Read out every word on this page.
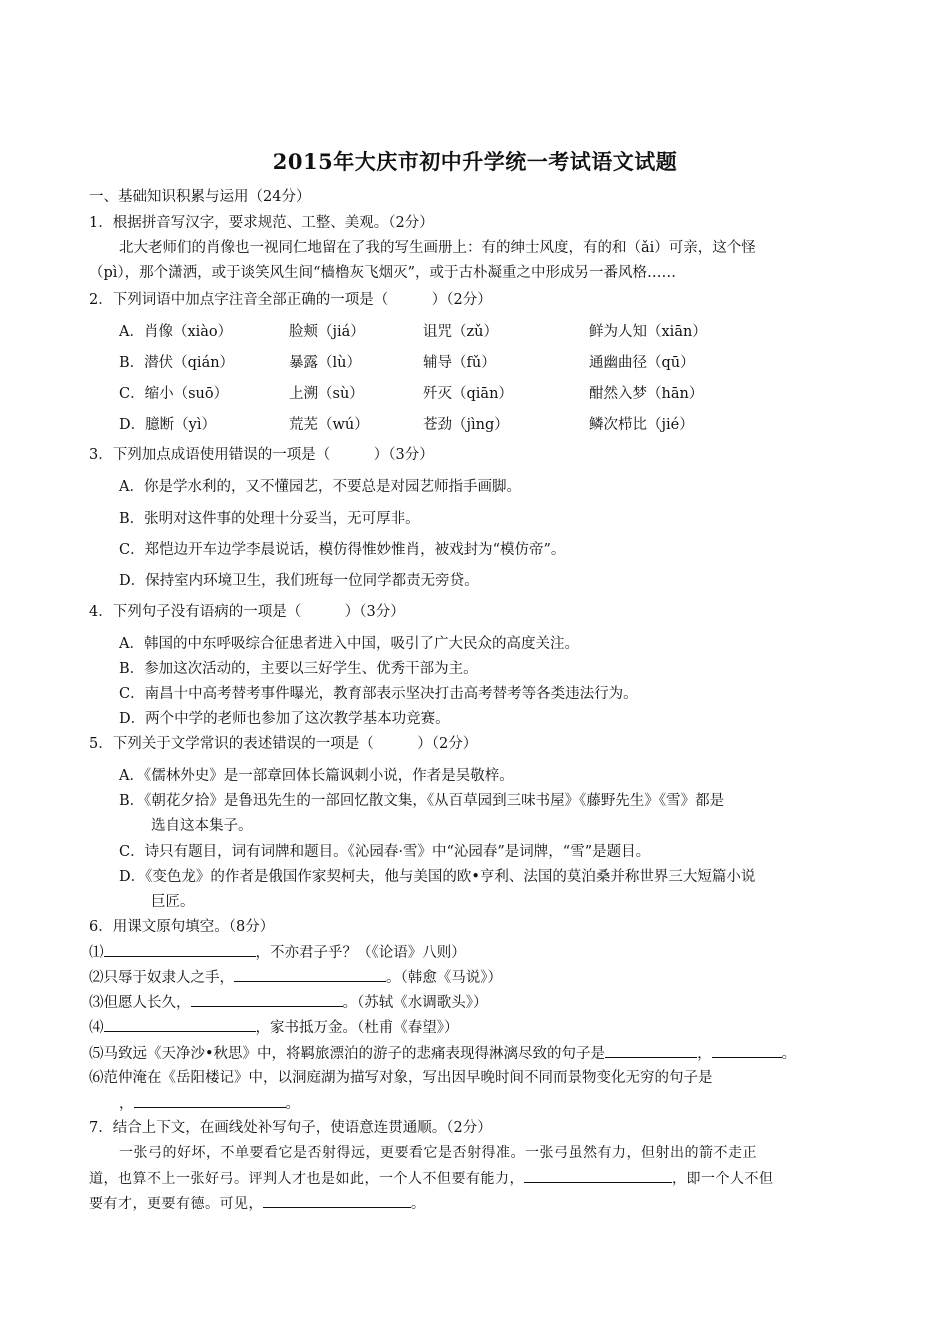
2015年大庆市初中升学统一考试语文试题
一、基础知识积累与运用（24分）
1．根据拼音写汉字，要求规范、工整、美观。（2分）
北大老师们的肖像也一视同仁地留在了我的写生画册上：有的绅士风度，有的和（ǎi）可亲，这个怪
（pì），那个潇洒，或于谈笑风生间“樯橹灰飞烟灭”，或于古朴凝重之中形成另一番风格……
2．下列词语中加点字注音全部正确的一项是（　　　）（2分）
A．肖像（xiào）	脸颊（jiá）	诅咒（zǔ）	鲜为人知（xiān）
B．潜伏（qián）	暴露（lù）	辅导（fǔ）	通幽曲径（qū）
C．缩小（suō）	上溯（sù）	歼灭（qiān）	酣然入梦（hān）
D．臆断（yì）	荒芜（wú）	苍劲（jìng）	鳞次栉比（jié）
3．下列加点成语使用错误的一项是（　　　）（3分）
A．你是学水利的，又不懂园艺，不要总是对园艺师指手画脚。
B．张明对这件事的处理十分妥当，无可厚非。
C．郑恺边开车边学李晨说话，模仿得惟妙惟肖，被戏封为“模仿帝”。
D．保持室内环境卫生，我们班每一位同学都责无旁贷。
4．下列句子没有语病的一项是（　　　）（3分）
A．韩国的中东呼吸综合征患者进入中国，吸引了广大民众的高度关注。
B．参加这次活动的，主要以三好学生、优秀干部为主。
C．南昌十中高考替考事件曝光，教育部表示坚决打击高考替考等各类违法行为。
D．两个中学的老师也参加了这次教学基本功竞赛。
5．下列关于文学常识的表述错误的一项是（　　　）（2分）
A．《儒林外史》是一部章回体长篇讽刺小说，作者是吴敬梓。
B．《朝花夕拾》是鲁迅先生的一部回忆散文集，《从百草园到三味书屋》《藤野先生》《雪》都是
选自这本集子。
C．诗只有题目，词有词牌和题目。《沁园春·雪》中“沁园春”是词牌，“雪”是题目。
D．《变色龙》的作者是俄国作家契柯夫，他与美国的欧•亨利、法国的莫泊桑并称世界三大短篇小说
巨匠。
6．用课文原句填空。（8分）
⑴	，不亦君子乎？（《论语》八则）
⑵只辱于奴隶人之手，	。（韩愈《马说》）
⑶但愿人长久，	。（苏轼《水调歌头》）
⑷	，家书抵万金。（杜甫《春望》）
⑸马致远《天净沙•秋思》中，将羁旅漂泊的游子的悲痛表现得淋漓尽致的句子是	，	。
⑹范仲淹在《岳阳楼记》中，以洞庭湖为描写对象，写出因早晚时间不同而景物变化无穷的句子是
，	。
7．结合上下文，在画线处补写句子，使语意连贯通顺。（2分）
一张弓的好坏，不单要看它是否射得远，更要看它是否射得准。一张弓虽然有力，但射出的箭不走正
道，也算不上一张好弓。评判人才也是如此，一个人不但要有能力，	，即一个人不但
要有才，更要有德。可见，	。
